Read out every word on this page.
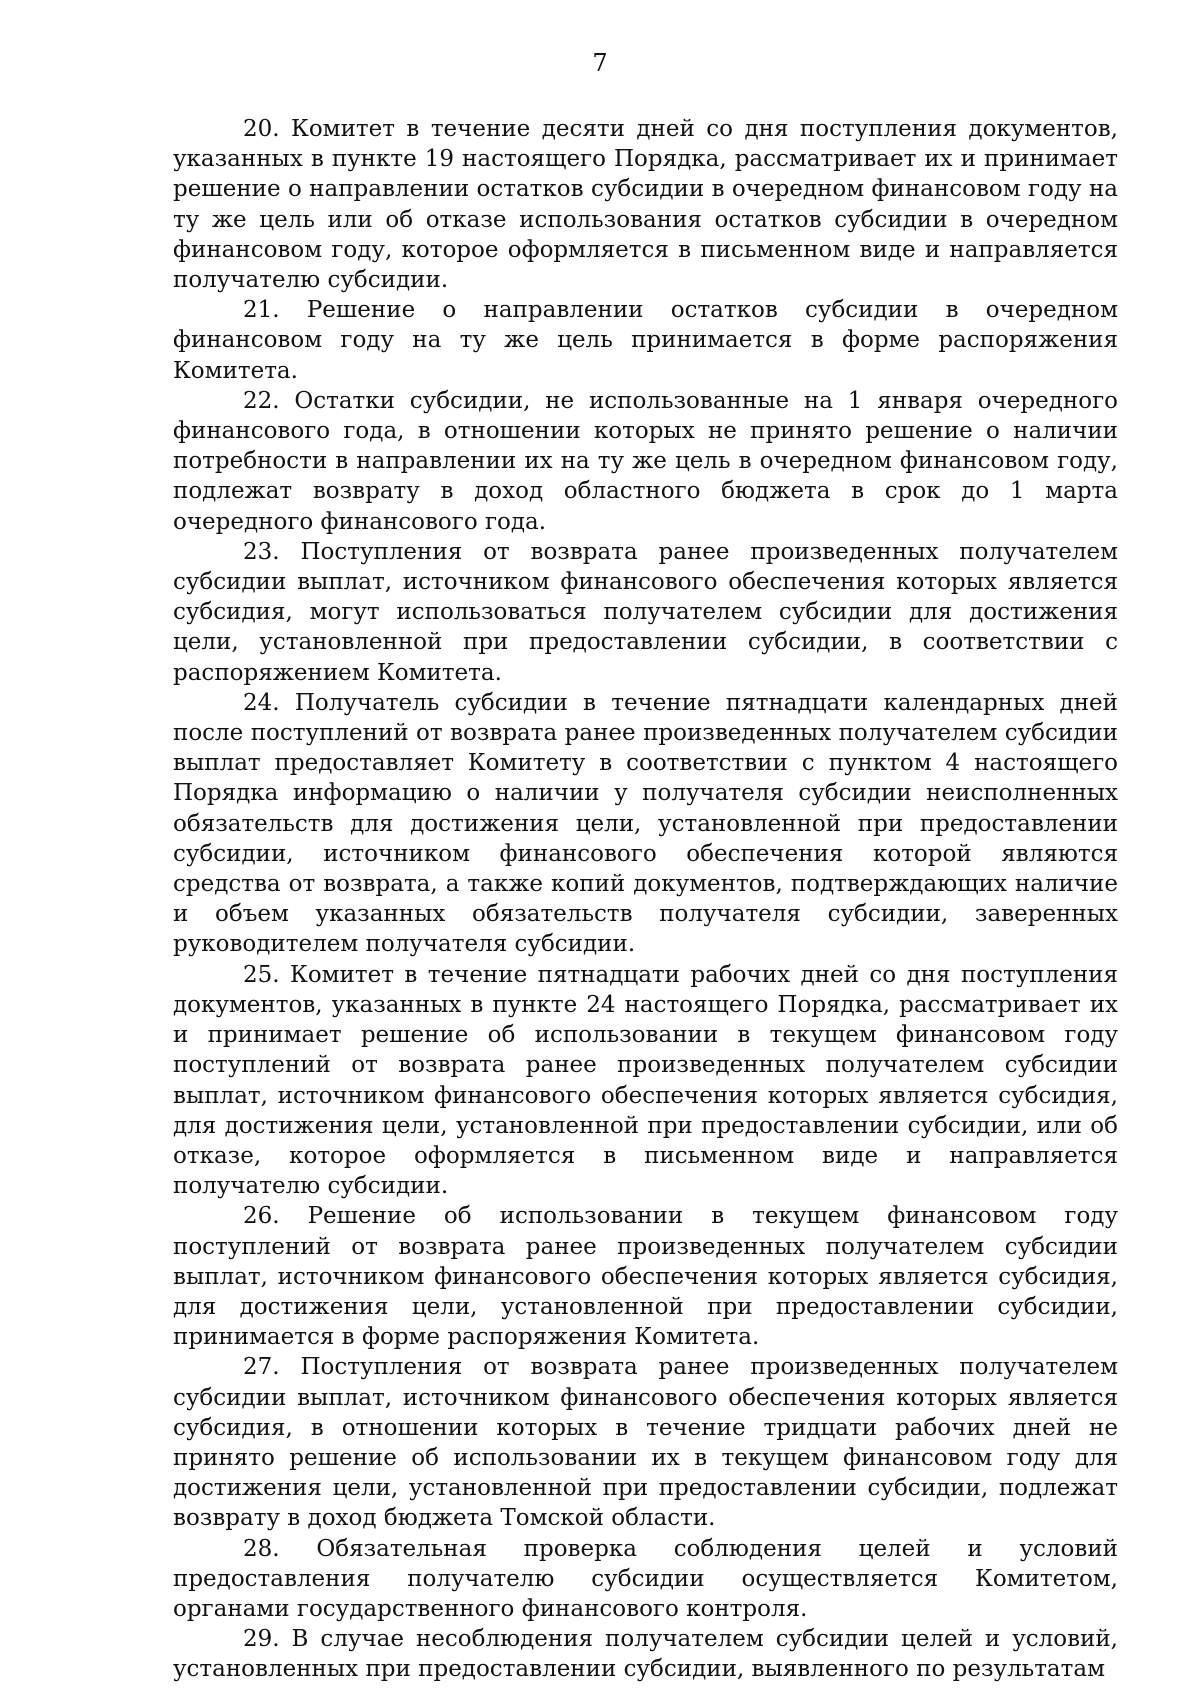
7

20. Комитет в течение десяти дней со дня поступления документов, указанных в пункте 19 настоящего Порядка, рассматривает их и принимает решение о направлении остатков субсидии в очередном финансовом году на ту же цель или об отказе использования остатков субсидии в очередном финансовом году, которое оформляется в письменном виде и направляется получателю субсидии.

21. Решение о направлении остатков субсидии в очередном финансовом году на ту же цель принимается в форме распоряжения Комитета.

22. Остатки субсидии, не использованные на 1 января очередного финансового года, в отношении которых не принято решение о наличии потребности в направлении их на ту же цель в очередном финансовом году, подлежат возврату в доход областного бюджета в срок до 1 марта очередного финансового года.

23. Поступления от возврата ранее произведенных получателем субсидии выплат, источником финансового обеспечения которых является субсидия, могут использоваться получателем субсидии для достижения цели, установленной при предоставлении субсидии, в соответствии с распоряжением Комитета.

24. Получатель субсидии в течение пятнадцати календарных дней после поступлений от возврата ранее произведенных получателем субсидии выплат предоставляет Комитету в соответствии с пунктом 4 настоящего Порядка информацию о наличии у получателя субсидии неисполненных обязательств для достижения цели, установленной при предоставлении субсидии, источником финансового обеспечения которой являются средства от возврата, а также копий документов, подтверждающих наличие и объем указанных обязательств получателя субсидии, заверенных руководителем получателя субсидии.

25. Комитет в течение пятнадцати рабочих дней со дня поступления документов, указанных в пункте 24 настоящего Порядка, рассматривает их и принимает решение об использовании в текущем финансовом году поступлений от возврата ранее произведенных получателем субсидии выплат, источником финансового обеспечения которых является субсидия, для достижения цели, установленной при предоставлении субсидии, или об отказе, которое оформляется в письменном виде и направляется получателю субсидии.

26. Решение об использовании в текущем финансовом году поступлений от возврата ранее произведенных получателем субсидии выплат, источником финансового обеспечения которых является субсидия, для достижения цели, установленной при предоставлении субсидии, принимается в форме распоряжения Комитета.

27. Поступления от возврата ранее произведенных получателем субсидии выплат, источником финансового обеспечения которых является субсидия, в отношении которых в течение тридцати рабочих дней не принято решение об использовании их в текущем финансовом году для достижения цели, установленной при предоставлении субсидии, подлежат возврату в доход бюджета Томской области.

28. Обязательная проверка соблюдения целей и условий предоставления получателю субсидии осуществляется Комитетом, органами государственного финансового контроля.

29. В случае несоблюдения получателем субсидии целей и условий, установленных при предоставлении субсидии, выявленного по результатам
